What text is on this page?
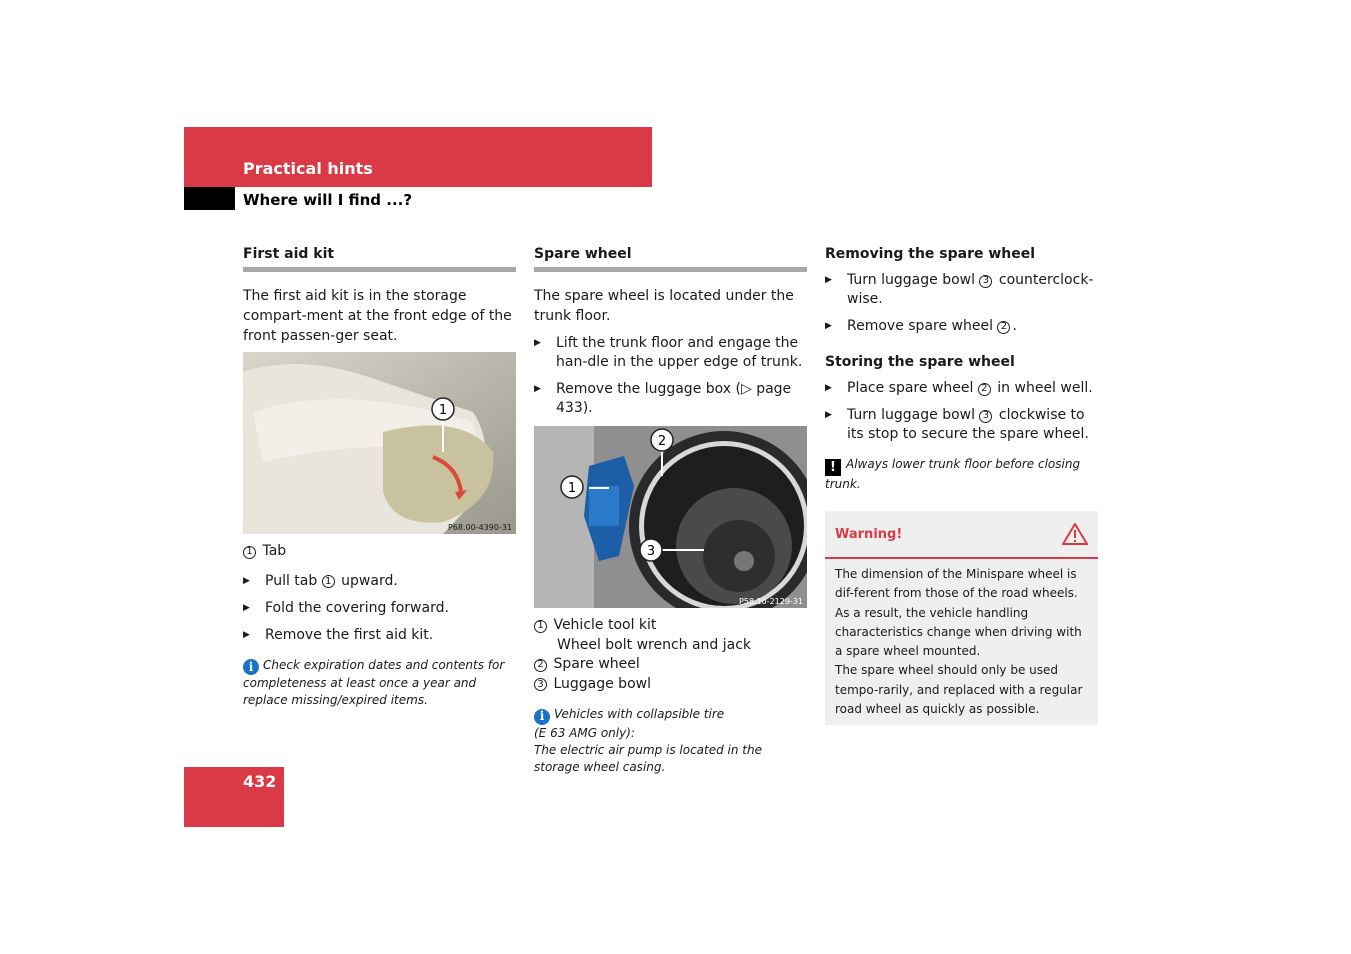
Practical hints
Where will I find ...?
First aid kit

The first aid kit is in the storage compart-ment at the front edge of the front passen-ger seat.

1
P68.00-4390-31
1 Tab
▶ Pull tab 1 upward.
▶ Fold the covering forward.
▶ Remove the first aid kit.
i Check expiration dates and contents for completeness at least once a year and replace missing/expired items.
Spare wheel

The spare wheel is located under the trunk floor.

▶ Lift the trunk floor and engage the han-dle in the upper edge of trunk.
▶ Remove the luggage box (▷ page 433).
1
2
3
P58.10-2129-31
1 Vehicle tool kit
Wheel bolt wrench and jack
2 Spare wheel
3 Luggage bowl
i Vehicles with collapsible tire
(E 63 AMG only):
The electric air pump is located in the storage wheel casing.
Removing the spare wheel
▶ Turn luggage bowl 3 counterclock-wise.
▶ Remove spare wheel 2 .
Storing the spare wheel
▶ Place spare wheel 2 in wheel well.
▶ Turn luggage bowl 3 clockwise to its stop to secure the spare wheel.
! Always lower trunk floor before closing trunk.
Warning!
The dimension of the Minispare wheel is dif-ferent from those of the road wheels. As a result, the vehicle handling characteristics change when driving with a spare wheel mounted.
The spare wheel should only be used tempo-rarily, and replaced with a regular road wheel as quickly as possible.
432
